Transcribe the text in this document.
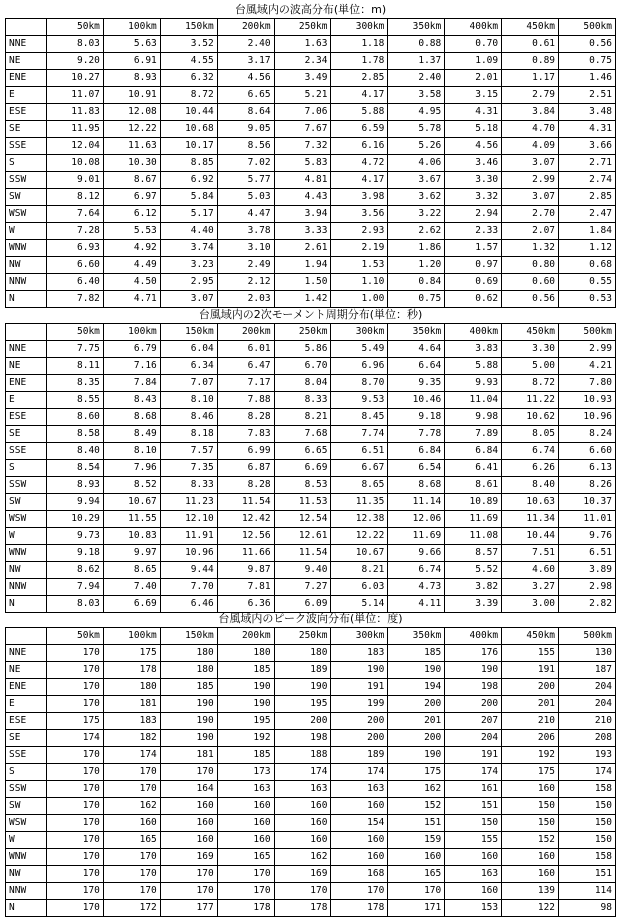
台風域内の波高分布(単位：m)
	50km	100km	150km	200km	250km	300km	350km	400km	450km	500km
NNE	8.03	5.63	3.52	2.40	1.63	1.18	0.88	0.70	0.61	0.56
NE	9.20	6.91	4.55	3.17	2.34	1.78	1.37	1.09	0.89	0.75
ENE	10.27	8.93	6.32	4.56	3.49	2.85	2.40	2.01	1.17	1.46
E	11.07	10.91	8.72	6.65	5.21	4.17	3.58	3.15	2.79	2.51
ESE	11.83	12.08	10.44	8.64	7.06	5.88	4.95	4.31	3.84	3.48
SE	11.95	12.22	10.68	9.05	7.67	6.59	5.78	5.18	4.70	4.31
SSE	12.04	11.63	10.17	8.56	7.32	6.16	5.26	4.56	4.09	3.66
S	10.08	10.30	8.85	7.02	5.83	4.72	4.06	3.46	3.07	2.71
SSW	9.01	8.67	6.92	5.77	4.81	4.17	3.67	3.30	2.99	2.74
SW	8.12	6.97	5.84	5.03	4.43	3.98	3.62	3.32	3.07	2.85
WSW	7.64	6.12	5.17	4.47	3.94	3.56	3.22	2.94	2.70	2.47
W	7.28	5.53	4.40	3.78	3.33	2.93	2.62	2.33	2.07	1.84
WNW	6.93	4.92	3.74	3.10	2.61	2.19	1.86	1.57	1.32	1.12
NW	6.60	4.49	3.23	2.49	1.94	1.53	1.20	0.97	0.80	0.68
NNW	6.40	4.50	2.95	2.12	1.50	1.10	0.84	0.69	0.60	0.55
N	7.82	4.71	3.07	2.03	1.42	1.00	0.75	0.62	0.56	0.53
台風域内の2次モーメント周期分布(単位：秒)
	50km	100km	150km	200km	250km	300km	350km	400km	450km	500km
NNE	7.75	6.79	6.04	6.01	5.86	5.49	4.64	3.83	3.30	2.99
NE	8.11	7.16	6.34	6.47	6.70	6.96	6.64	5.88	5.00	4.21
ENE	8.35	7.84	7.07	7.17	8.04	8.70	9.35	9.93	8.72	7.80
E	8.55	8.43	8.10	7.88	8.33	9.53	10.46	11.04	11.22	10.93
ESE	8.60	8.68	8.46	8.28	8.21	8.45	9.18	9.98	10.62	10.96
SE	8.58	8.49	8.18	7.83	7.68	7.74	7.78	7.89	8.05	8.24
SSE	8.40	8.10	7.57	6.99	6.65	6.51	6.84	6.84	6.74	6.60
S	8.54	7.96	7.35	6.87	6.69	6.67	6.54	6.41	6.26	6.13
SSW	8.93	8.52	8.33	8.28	8.53	8.65	8.68	8.61	8.40	8.26
SW	9.94	10.67	11.23	11.54	11.53	11.35	11.14	10.89	10.63	10.37
WSW	10.29	11.55	12.10	12.42	12.54	12.38	12.06	11.69	11.34	11.01
W	9.73	10.83	11.91	12.56	12.61	12.22	11.69	11.08	10.44	9.76
WNW	9.18	9.97	10.96	11.66	11.54	10.67	9.66	8.57	7.51	6.51
NW	8.62	8.65	9.44	9.87	9.40	8.21	6.74	5.52	4.60	3.89
NNW	7.94	7.40	7.70	7.81	7.27	6.03	4.73	3.82	3.27	2.98
N	8.03	6.69	6.46	6.36	6.09	5.14	4.11	3.39	3.00	2.82
台風域内のピーク波向分布(単位：度)
	50km	100km	150km	200km	250km	300km	350km	400km	450km	500km
NNE	170	175	180	180	180	183	185	176	155	130
NE	170	178	180	185	189	190	190	190	191	187
ENE	170	180	185	190	190	191	194	198	200	204
E	170	181	190	190	195	199	200	200	201	204
ESE	175	183	190	195	200	200	201	207	210	210
SE	174	182	190	192	198	200	200	204	206	208
SSE	170	174	181	185	188	189	190	191	192	193
S	170	170	170	173	174	174	175	174	175	174
SSW	170	170	164	163	163	163	162	161	160	158
SW	170	162	160	160	160	160	152	151	150	150
WSW	170	160	160	160	160	154	151	150	150	150
W	170	165	160	160	160	160	159	155	152	150
WNW	170	170	169	165	162	160	160	160	160	158
NW	170	170	170	170	169	168	165	163	160	151
NNW	170	170	170	170	170	170	170	160	139	114
N	170	172	177	178	178	178	171	153	122	98
